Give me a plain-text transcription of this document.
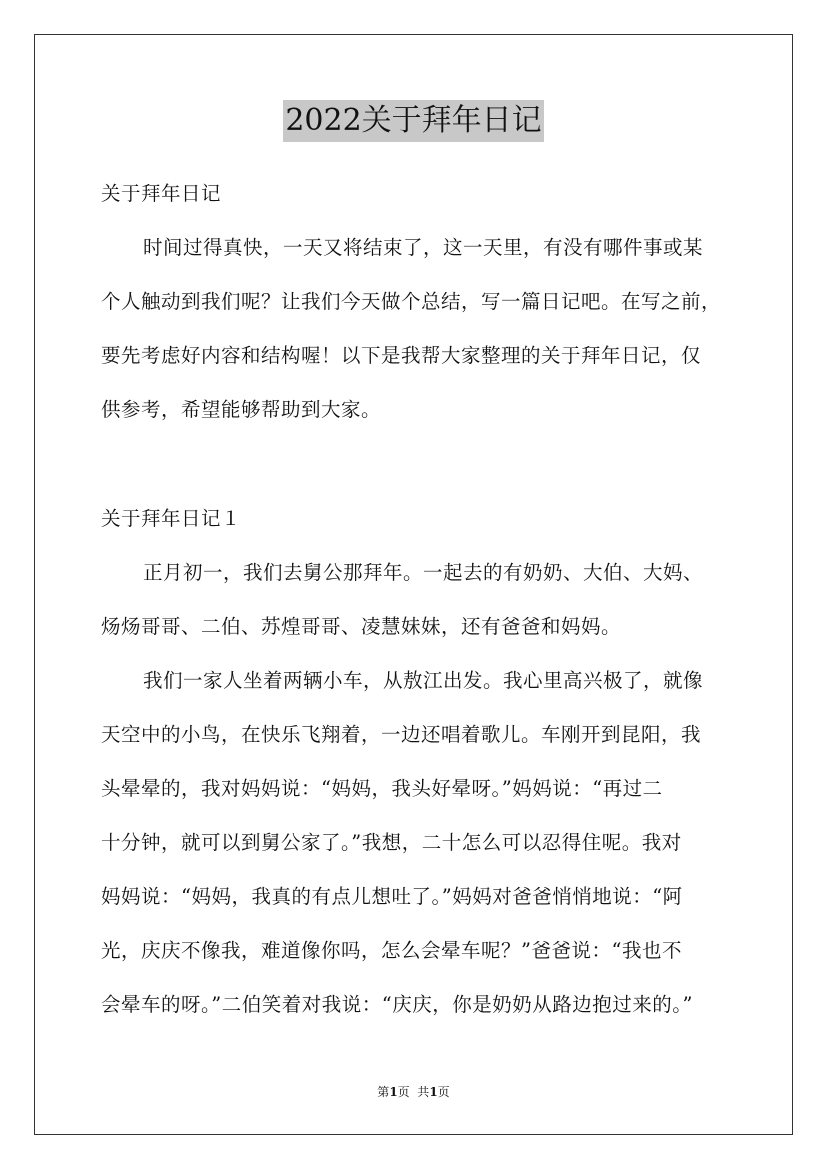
2022关于拜年日记
关于拜年日记
时间过得真快，一天又将结束了，这一天里，有没有哪件事或某
个人触动到我们呢？让我们今天做个总结，写一篇日记吧。在写之前，
要先考虑好内容和结构喔！以下是我帮大家整理的关于拜年日记，仅
供参考，希望能够帮助到大家。
关于拜年日记１
正月初一，我们去舅公那拜年。一起去的有奶奶、大伯、大妈、
炀炀哥哥、二伯、苏煌哥哥、凌慧妹妹，还有爸爸和妈妈。
我们一家人坐着两辆小车，从敖江出发。我心里高兴极了，就像
天空中的小鸟，在快乐飞翔着，一边还唱着歌儿。车刚开到昆阳，我
头晕晕的，我对妈妈说：“妈妈，我头好晕呀。”妈妈说：“再过二
十分钟，就可以到舅公家了。”我想，二十怎么可以忍得住呢。我对
妈妈说：“妈妈，我真的有点儿想吐了。”妈妈对爸爸悄悄地说：“阿
光，庆庆不像我，难道像你吗，怎么会晕车呢？”爸爸说：“我也不
会晕车的呀。”二伯笑着对我说：“庆庆，你是奶奶从路边抱过来的。”
第1页  共1页
